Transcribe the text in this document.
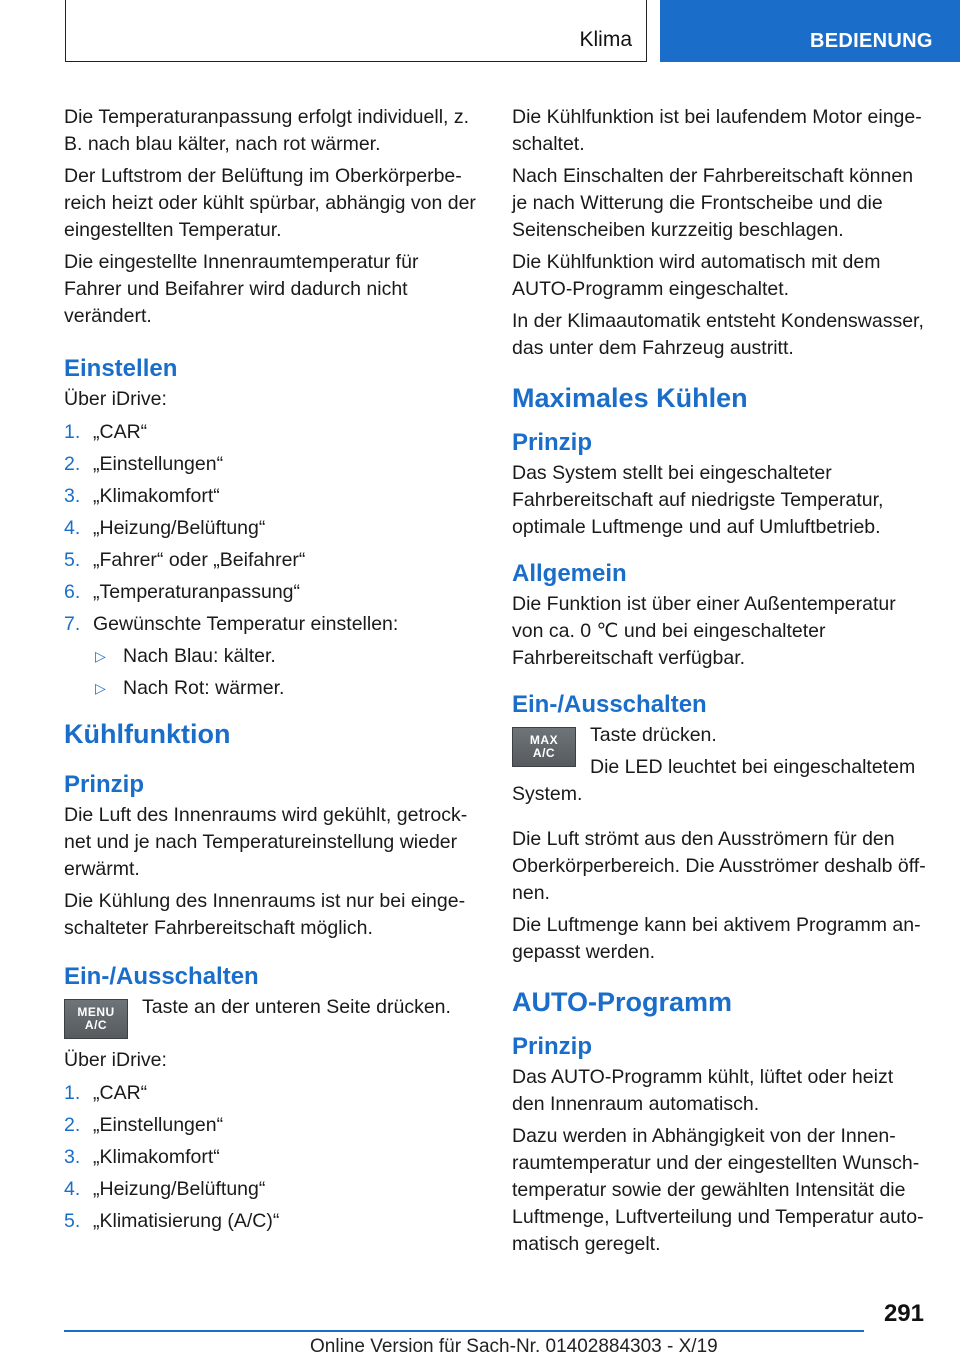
Klima	BEDIENUNG

Die Temperaturanpassung erfolgt individuell, z. B. nach blau kälter, nach rot wärmer.

Der Luftstrom der Belüftung im Oberkörperbereich heizt oder kühlt spürbar, abhängig von der eingestellten Temperatur.

Die eingestellte Innenraumtemperatur für Fahrer und Beifahrer wird dadurch nicht verändert.

Einstellen

Über iDrive:

1. „CAR“
2. „Einstellungen“
3. „Klimakomfort“
4. „Heizung/Belüftung“
5. „Fahrer“ oder „Beifahrer“
6. „Temperaturanpassung“
7. Gewünschte Temperatur einstellen:
▷ Nach Blau: kälter.
▷ Nach Rot: wärmer.
Kühlfunktion
Prinzip

Die Luft des Innenraums wird gekühlt, getrocknet und je nach Temperatureinstellung wieder erwärmt.

Die Kühlung des Innenraums ist nur bei eingeschalteter Fahrbereitschaft möglich.

Ein-/Ausschalten
MENU
A/C

Taste an der unteren Seite drücken.

Über iDrive:

1. „CAR“
2. „Einstellungen“
3. „Klimakomfort“
4. „Heizung/Belüftung“
5. „Klimatisierung (A/C)“

Die Kühlfunktion ist bei laufendem Motor eingeschaltet.

Nach Einschalten der Fahrbereitschaft können je nach Witterung die Frontscheibe und die Seitenscheiben kurzzeitig beschlagen.

Die Kühlfunktion wird automatisch mit dem AUTO-Programm eingeschaltet.

In der Klimaautomatik entsteht Kondenswasser, das unter dem Fahrzeug austritt.

Maximales Kühlen
Prinzip

Das System stellt bei eingeschalteter Fahrbereitschaft auf niedrigste Temperatur, optimale Luftmenge und auf Umluftbetrieb.

Allgemein

Die Funktion ist über einer Außentemperatur von ca. 0 ℃ und bei eingeschalteter Fahrbereitschaft verfügbar.

Ein-/Ausschalten
MAX
A/C

Taste drücken.

Die LED leuchtet bei eingeschaltetem

System.

Die Luft strömt aus den Ausströmern für den Oberkörperbereich. Die Ausströmer deshalb öffnen.

Die Luftmenge kann bei aktivem Programm angepasst werden.

AUTO-Programm
Prinzip

Das AUTO-Programm kühlt, lüftet oder heizt den Innenraum automatisch.

Dazu werden in Abhängigkeit von der Innenraumtemperatur und der eingestellten Wunschtemperatur sowie der gewählten Intensität die Luftmenge, Luftverteilung und Temperatur automatisch geregelt.

291
Online Version für Sach-Nr. 01402884303 - X/19
